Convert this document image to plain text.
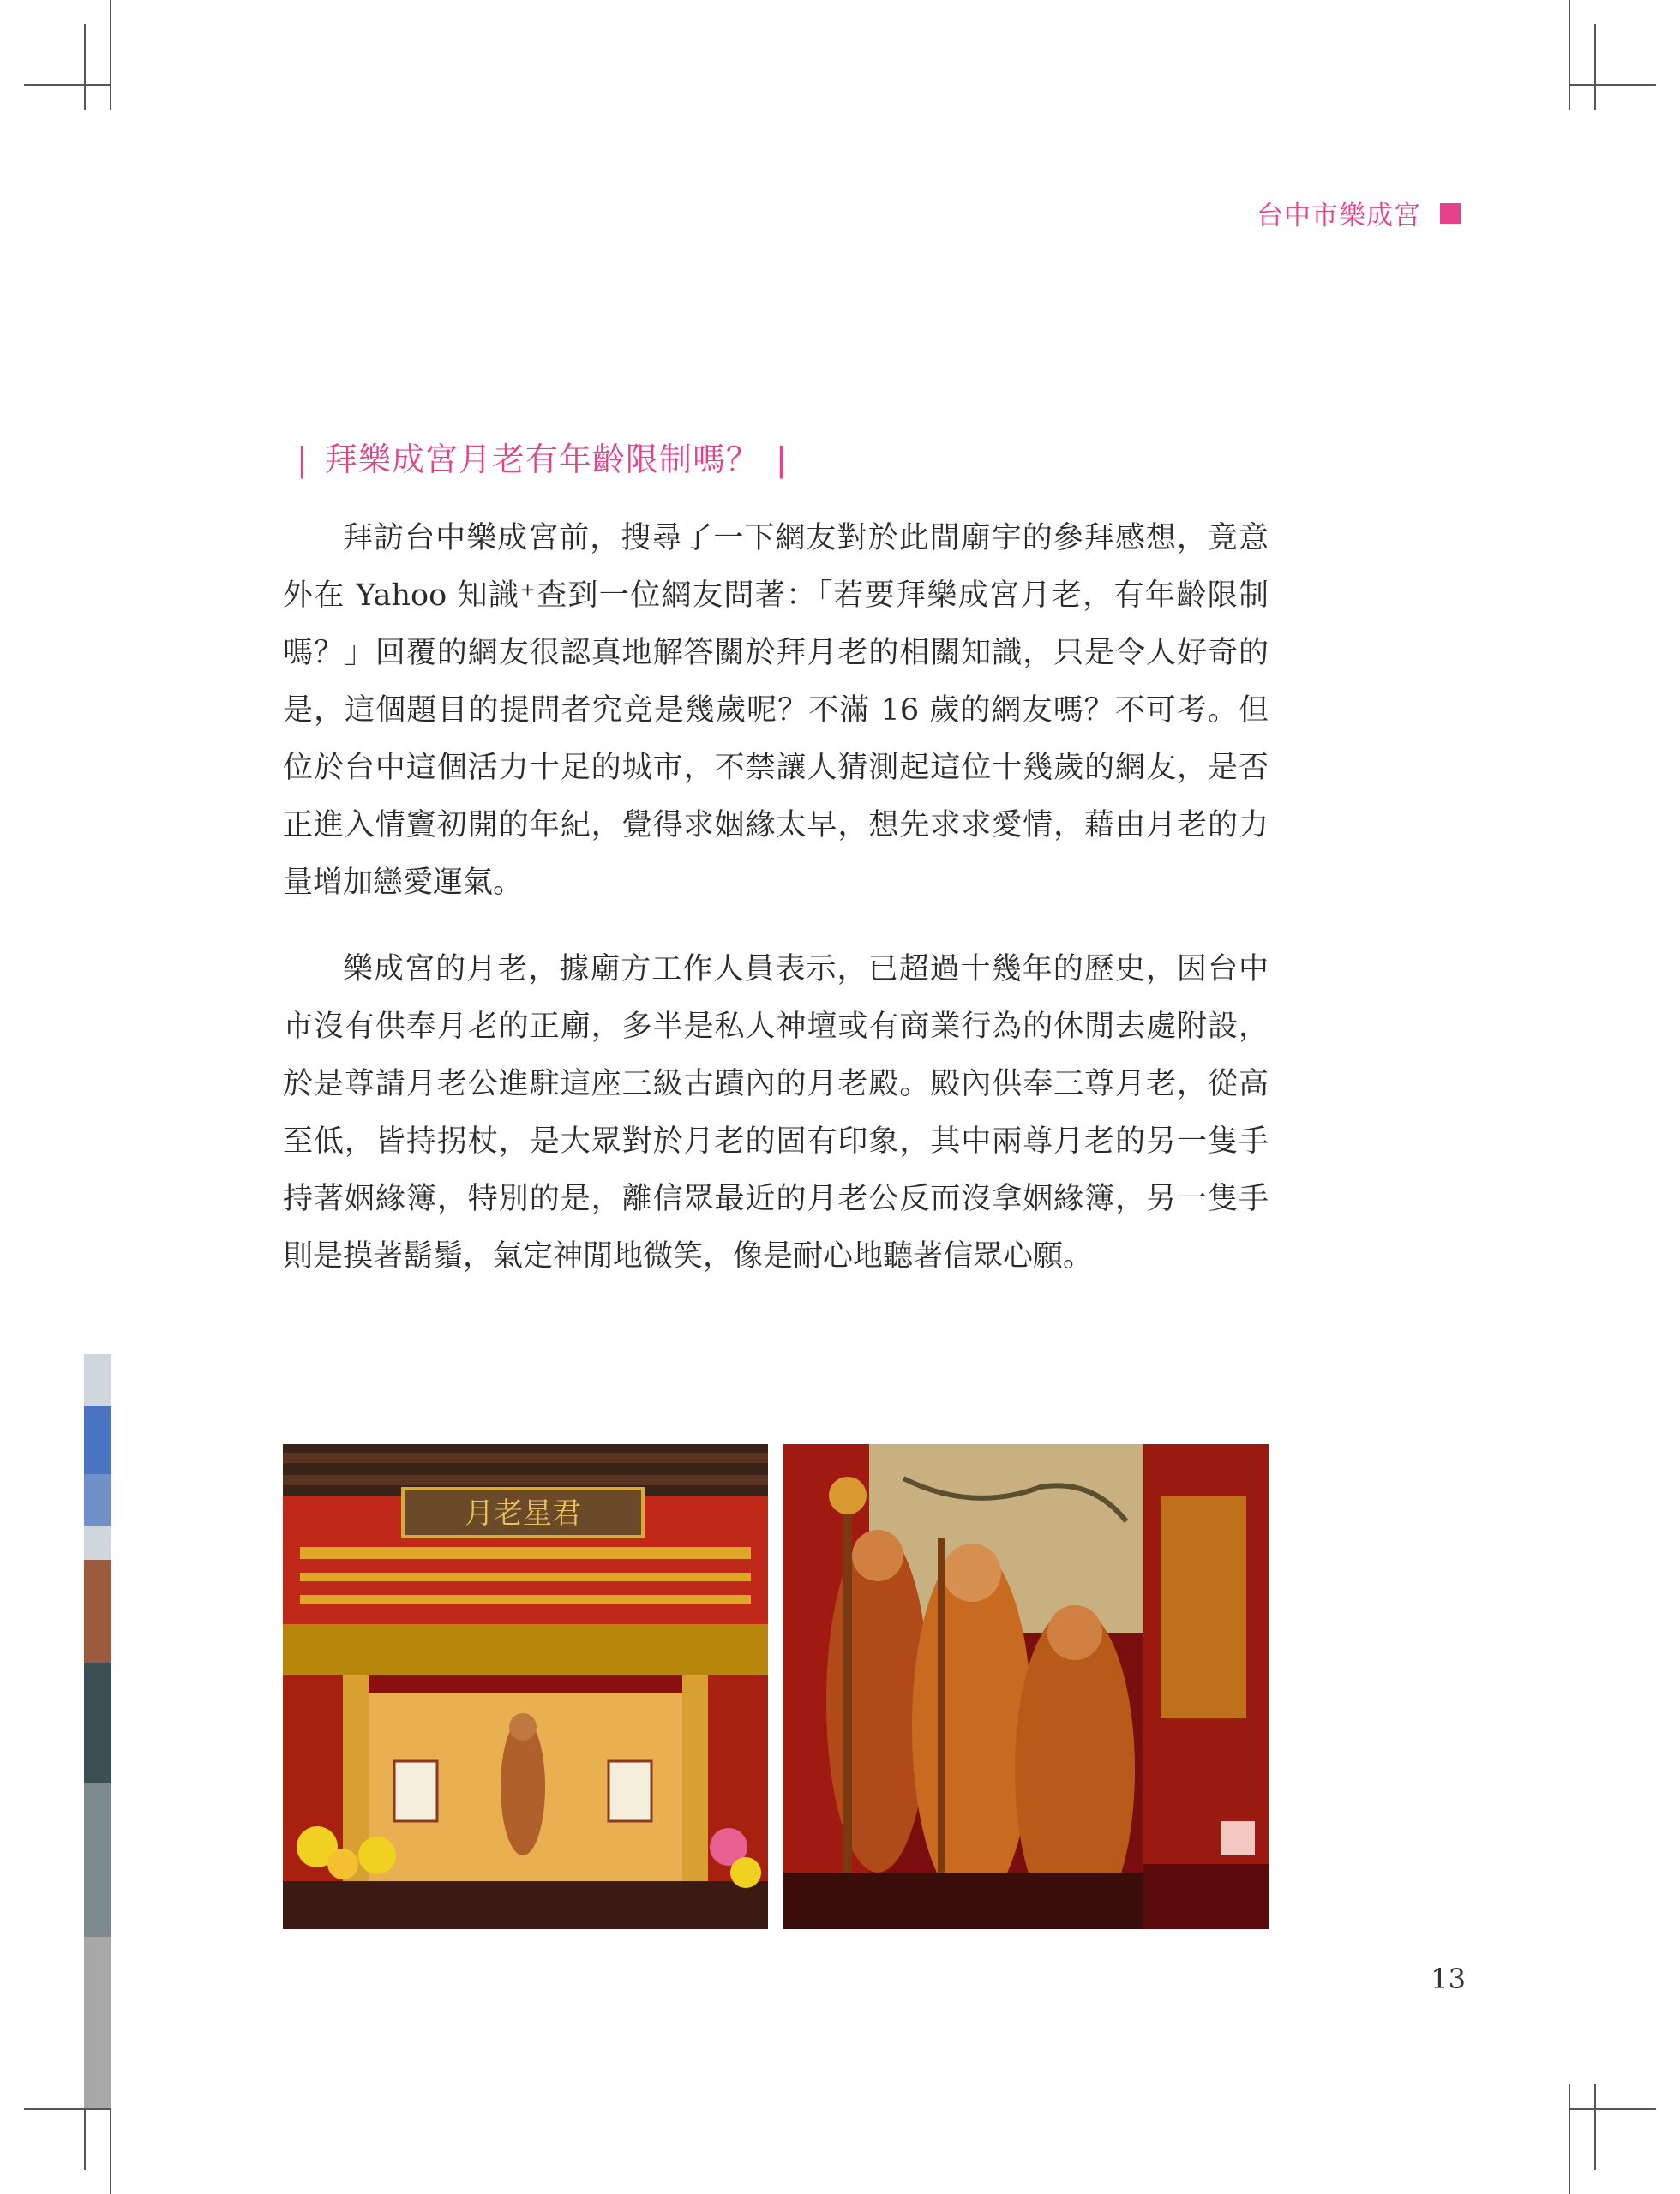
台中市樂成宮
| 拜樂成宮月老有年齡限制嗎？ |

拜訪台中樂成宮前，搜尋了一下網友對於此間廟宇的參拜感想，竟意外在 Yahoo 知識⁺查到一位網友問著：「若要拜樂成宮月老，有年齡限制嗎？」回覆的網友很認真地解答關於拜月老的相關知識，只是令人好奇的是，這個題目的提問者究竟是幾歲呢？不滿 16 歲的網友嗎？不可考。但位於台中這個活力十足的城市，不禁讓人猜測起這位十幾歲的網友，是否正進入情竇初開的年紀，覺得求姻緣太早，想先求求愛情，藉由月老的力量增加戀愛運氣。

樂成宮的月老，據廟方工作人員表示，已超過十幾年的歷史，因台中市沒有供奉月老的正廟，多半是私人神壇或有商業行為的休閒去處附設，於是尊請月老公進駐這座三級古蹟內的月老殿。殿內供奉三尊月老，從高至低，皆持拐杖，是大眾對於月老的固有印象，其中兩尊月老的另一隻手持著姻緣簿，特別的是，離信眾最近的月老公反而沒拿姻緣簿，另一隻手則是摸著鬍鬚，氣定神閒地微笑，像是耐心地聽著信眾心願。

月老星君
13
